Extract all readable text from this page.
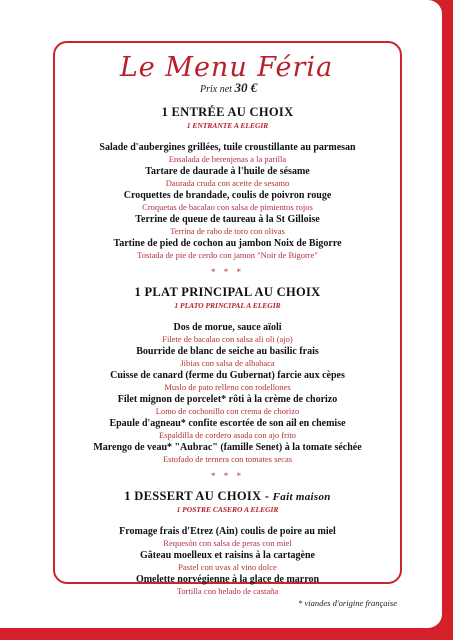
Le Menu Féria
Prix net 30 €
1 ENTRÉE AU CHOIX
1 ENTRANTE A ELEGIR
Salade d'aubergines grillées, tuile croustillante au parmesan
Ensalada de berenjenas a la parilla
Tartare de daurade à l'huile de sésame
Daurada cruda con aceite de sesamo
Croquettes de brandade, coulis de poivron rouge
Croquetas de bacalao con salsa de pimientos rojos
Terrine de queue de taureau à la St Gilloise
Terrina de rabo de toro con olivas
Tartine de pied de cochon au jambon Noix de Bigorre
Tostada de pie de cerdo con jamon "Noir de Bigorre"
* * *
1 PLAT PRINCIPAL AU CHOIX
1 PLATO PRINCIPAL A ELEGIR
Dos de morue, sauce aïoli
Filete de bacalao con salsa ali oli (ajo)
Bourride de blanc de seiche au basilic frais
Jibias con salsa de albahaca
Cuisse de canard (ferme du Gubernat) farcie aux cèpes
Muslo de pato relleno con rodellones
Filet mignon de porcelet* rôti à la crème de chorizo
Lomo de cochonillo con crema de chorizo
Epaule d'agneau* confite escortée de son ail en chemise
Espaldilla de cordero asada con ajo frito
Marengo de veau* "Aubrac" (famille Senet) à la tomate séchée
Estofado de ternera con tomates secas
* * *
1 DESSERT AU CHOIX - Fait maison
1 POSTRE CASERO A ELEGIR
Fromage frais d'Etrez (Ain) coulis de poire au miel
Requesón con salsa de peras con miel
Gâteau moelleux et raisins à la cartagène
Pastel con uvas al vino dolce
Omelette norvégienne à la glace de marron
Tortilla con helado de castaña
* viandes d'origine française
